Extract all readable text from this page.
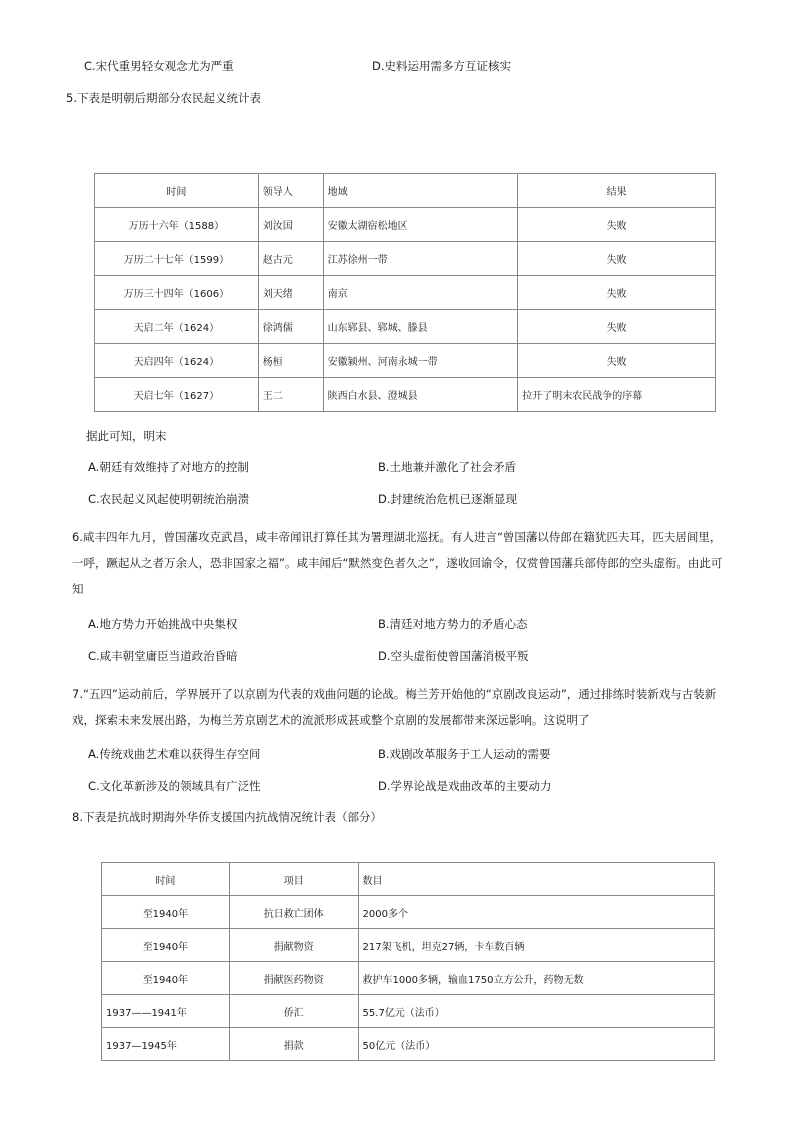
C.宋代重男轻女观念尤为严重	D.史料运用需多方互证核实
5.下表是明朝后期部分农民起义统计表
时间	领导人	地域	结果
万历十六年（1588）	刘汝国	安徽太湖宿松地区	失败
万历二十七年（1599）	赵古元	江苏徐州一带	失败
万历三十四年（1606）	刘天绪	南京	失败
天启二年（1624）	徐鸿儒	山东郓县、郓城、滕县	失败
天启四年（1624）	杨桓	安徽颍州、河南永城一带	失败
天启七年（1627）	王二	陕西白水县、澄城县	拉开了明末农民战争的序幕
据此可知，明末
A.朝廷有效维持了对地方的控制	B.土地兼并激化了社会矛盾
C.农民起义风起使明朝统治崩溃	D.封建统治危机已逐渐显现
6.咸丰四年九月，曾国藩攻克武昌，咸丰帝闻讯打算任其为署理湖北巡抚。有人进言“曾国藩以侍郎在籍犹匹夫耳，匹夫居闾里，一呼，蹶起从之者万余人，恐非国家之福”。咸丰闻后“默然变色者久之”，遂收回谕令，仅赏曾国藩兵部侍郎的空头虚衔。由此可知
A.地方势力开始挑战中央集权	B.清廷对地方势力的矛盾心态
C.咸丰朝堂庸臣当道政治昏暗	D.空头虚衔使曾国藩消极平叛
7.“五四”运动前后，学界展开了以京剧为代表的戏曲问题的论战。梅兰芳开始他的“京剧改良运动”，通过排练时装新戏与古装新戏，探索未来发展出路，为梅兰芳京剧艺术的流派形成甚或整个京剧的发展都带来深远影响。这说明了
A.传统戏曲艺术难以获得生存空间	B.戏剧改革服务于工人运动的需要
C.文化革新涉及的领域具有广泛性	D.学界论战是戏曲改革的主要动力
8.下表是抗战时期海外华侨支援国内抗战情况统计表（部分）
时间	项目	数目
至1940年	抗日救亡团体	2000多个
至1940年	捐献物资	217架飞机，坦克27辆，卡车数百辆
至1940年	捐献医药物资	救护车1000多辆，输血1750立方公升，药物无数
1937——1941年	侨汇	55.7亿元（法币）
1937—1945年	捐款	50亿元（法币）
